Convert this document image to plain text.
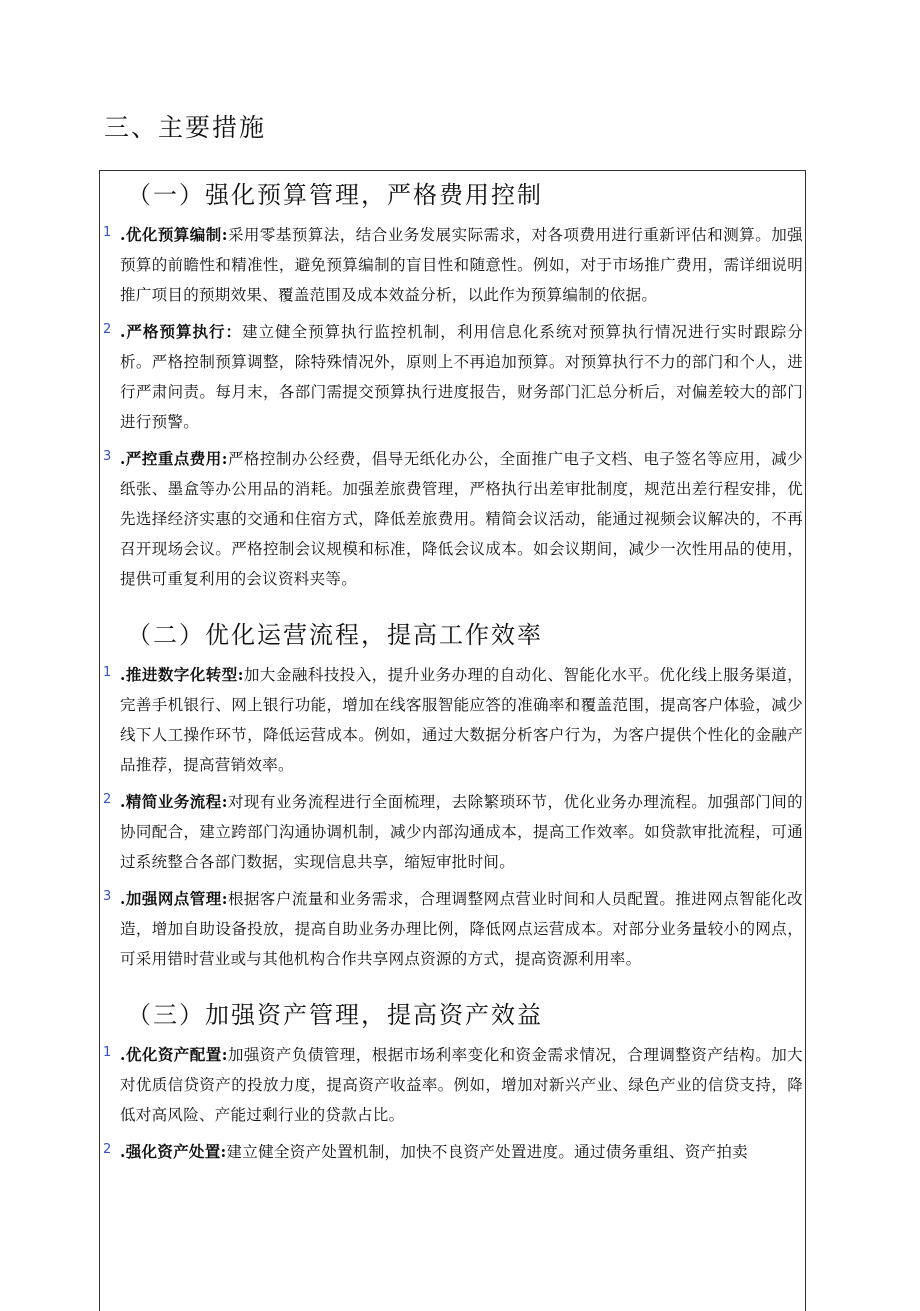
三、主要措施
（一）强化预算管理，严格费用控制
1 .优化预算编制:采用零基预算法，结合业务发展实际需求，对各项费用进行重新评估和测算。加强预算的前瞻性和精准性，避免预算编制的盲目性和随意性。例如，对于市场推广费用，需详细说明推广项目的预期效果、覆盖范围及成本效益分析，以此作为预算编制的依据。

2 .严格预算执行：建立健全预算执行监控机制，利用信息化系统对预算执行情况进行实时跟踪分析。严格控制预算调整，除特殊情况外，原则上不再追加预算。对预算执行不力的部门和个人，进行严肃问责。每月末，各部门需提交预算执行进度报告，财务部门汇总分析后，对偏差较大的部门进行预警。

3 .严控重点费用:严格控制办公经费，倡导无纸化办公，全面推广电子文档、电子签名等应用，减少纸张、墨盒等办公用品的消耗。加强差旅费管理，严格执行出差审批制度，规范出差行程安排，优先选择经济实惠的交通和住宿方式，降低差旅费用。精简会议活动，能通过视频会议解决的，不再召开现场会议。严格控制会议规模和标准，降低会议成本。如会议期间，减少一次性用品的使用，提供可重复利用的会议资料夹等。

（二）优化运营流程，提高工作效率
1 .推进数字化转型:加大金融科技投入，提升业务办理的自动化、智能化水平。优化线上服务渠道，完善手机银行、网上银行功能，增加在线客服智能应答的准确率和覆盖范围，提高客户体验，减少线下人工操作环节，降低运营成本。例如，通过大数据分析客户行为，为客户提供个性化的金融产品推荐，提高营销效率。

2 .精简业务流程:对现有业务流程进行全面梳理，去除繁琐环节，优化业务办理流程。加强部门间的协同配合，建立跨部门沟通协调机制，减少内部沟通成本，提高工作效率。如贷款审批流程，可通过系统整合各部门数据，实现信息共享，缩短审批时间。

3 .加强网点管理:根据客户流量和业务需求，合理调整网点营业时间和人员配置。推进网点智能化改造，增加自助设备投放，提高自助业务办理比例，降低网点运营成本。对部分业务量较小的网点，可采用错时营业或与其他机构合作共享网点资源的方式，提高资源利用率。

（三）加强资产管理，提高资产效益
1 .优化资产配置:加强资产负债管理，根据市场利率变化和资金需求情况，合理调整资产结构。加大对优质信贷资产的投放力度，提高资产收益率。例如，增加对新兴产业、绿色产业的信贷支持，降低对高风险、产能过剩行业的贷款占比。

2 .强化资产处置:建立健全资产处置机制，加快不良资产处置进度。通过债务重组、资产拍卖
